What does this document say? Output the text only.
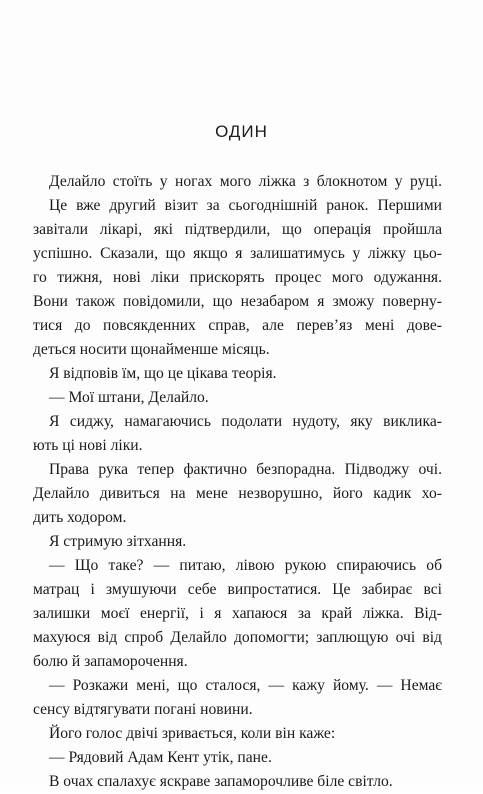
ОДИН
Делайло стоїть у ногах мого ліжка з блокнотом у руці.
Це вже другий візит за сьогоднішній ранок. Першими
завітали лікарі, які підтвердили, що операція пройшла
успішно. Сказали, що якщо я залишатимусь у ліжку цьо-
го тижня, нові ліки прискорять процес мого одужання.
Вони також повідомили, що незабаром я зможу поверну-
тися до повсякденних справ, але перев’яз мені дове-
деться носити щонайменше місяць.
Я відповів їм, що це цікава теорія.
— Мої штани, Делайло.
Я сиджу, намагаючись подолати нудоту, яку виклика-
ють ці нові ліки.
Права рука тепер фактично безпорадна. Підводжу очі.
Делайло дивиться на мене незворушно, його кадик хо-
дить ходором.
Я стримую зітхання.
— Що таке? — питаю, лівою рукою спираючись об
матрац і змушуючи себе випростатися. Це забирає всі
залишки моєї енергії, і я хапаюся за край ліжка. Від-
махуюся від спроб Делайло допомогти; заплющую очі від
болю й запаморочення.
— Розкажи мені, що сталося, — кажу йому. — Немає
сенсу відтягувати погані новини.
Його голос двічі зривається, коли він каже:
— Рядовий Адам Кент утік, пане.
В очах спалахує яскраве запаморочливе біле світло.
